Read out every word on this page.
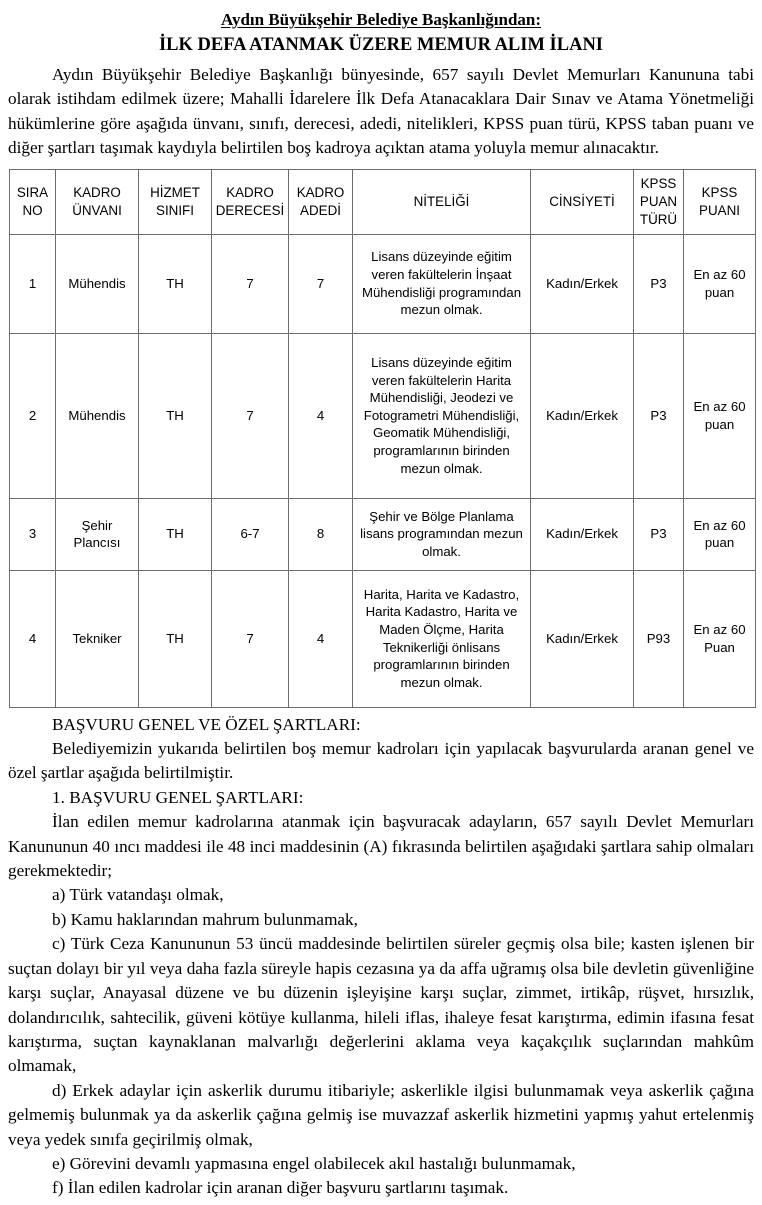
Aydın Büyükşehir Belediye Başkanlığından:
İLK DEFA ATANMAK ÜZERE MEMUR ALIM İLANI

Aydın Büyükşehir Belediye Başkanlığı bünyesinde, 657 sayılı Devlet Memurları Kanununa tabi olarak istihdam edilmek üzere; Mahalli İdarelere İlk Defa Atanacaklara Dair Sınav ve Atama Yönetmeliği hükümlerine göre aşağıda ünvanı, sınıfı, derecesi, adedi, nitelikleri, KPSS puan türü, KPSS taban puanı ve diğer şartları taşımak kaydıyla belirtilen boş kadroya açıktan atama yoluyla memur alınacaktır.

SIRA NO	KADRO ÜNVANI	HİZMET SINIFI	KADRO DERECESİ	KADRO ADEDİ	NİTELİĞİ	CİNSİYETİ	KPSS PUAN TÜRÜ	KPSS PUANI
1	Mühendis	TH	7	7	Lisans düzeyinde eğitim veren fakültelerin İnşaat Mühendisliği programından mezun olmak.	Kadın/Erkek	P3	En az 60 puan
2	Mühendis	TH	7	4	Lisans düzeyinde eğitim veren fakültelerin Harita Mühendisliği, Jeodezi ve Fotogrametri Mühendisliği, Geomatik Mühendisliği, programlarının birinden mezun olmak.	Kadın/Erkek	P3	En az 60 puan
3	Şehir Plancısı	TH	6-7	8	Şehir ve Bölge Planlama lisans programından mezun olmak.	Kadın/Erkek	P3	En az 60 puan
4	Tekniker	TH	7	4	Harita, Harita ve Kadastro, Harita Kadastro, Harita ve Maden Ölçme, Harita Teknikerliği önlisans programlarının birinden mezun olmak.	Kadın/Erkek	P93	En az 60 Puan

BAŞVURU GENEL VE ÖZEL ŞARTLARI:

Belediyemizin yukarıda belirtilen boş memur kadroları için yapılacak başvurularda aranan genel ve özel şartlar aşağıda belirtilmiştir.

1. BAŞVURU GENEL ŞARTLARI:

İlan edilen memur kadrolarına atanmak için başvuracak adayların, 657 sayılı Devlet Memurları Kanununun 40 ıncı maddesi ile 48 inci maddesinin (A) fıkrasında belirtilen aşağıdaki şartlara sahip olmaları gerekmektedir;

a) Türk vatandaşı olmak,

b) Kamu haklarından mahrum bulunmamak,

c) Türk Ceza Kanununun 53 üncü maddesinde belirtilen süreler geçmiş olsa bile; kasten işlenen bir suçtan dolayı bir yıl veya daha fazla süreyle hapis cezasına ya da affa uğramış olsa bile devletin güvenliğine karşı suçlar, Anayasal düzene ve bu düzenin işleyişine karşı suçlar, zimmet, irtikâp, rüşvet, hırsızlık, dolandırıcılık, sahtecilik, güveni kötüye kullanma, hileli iflas, ihaleye fesat karıştırma, edimin ifasına fesat karıştırma, suçtan kaynaklanan malvarlığı değerlerini aklama veya kaçakçılık suçlarından mahkûm olmamak,

d) Erkek adaylar için askerlik durumu itibariyle; askerlikle ilgisi bulunmamak veya askerlik çağına gelmemiş bulunmak ya da askerlik çağına gelmiş ise muvazzaf askerlik hizmetini yapmış yahut ertelenmiş veya yedek sınıfa geçirilmiş olmak,

e) Görevini devamlı yapmasına engel olabilecek akıl hastalığı bulunmamak,

f) İlan edilen kadrolar için aranan diğer başvuru şartlarını taşımak.
